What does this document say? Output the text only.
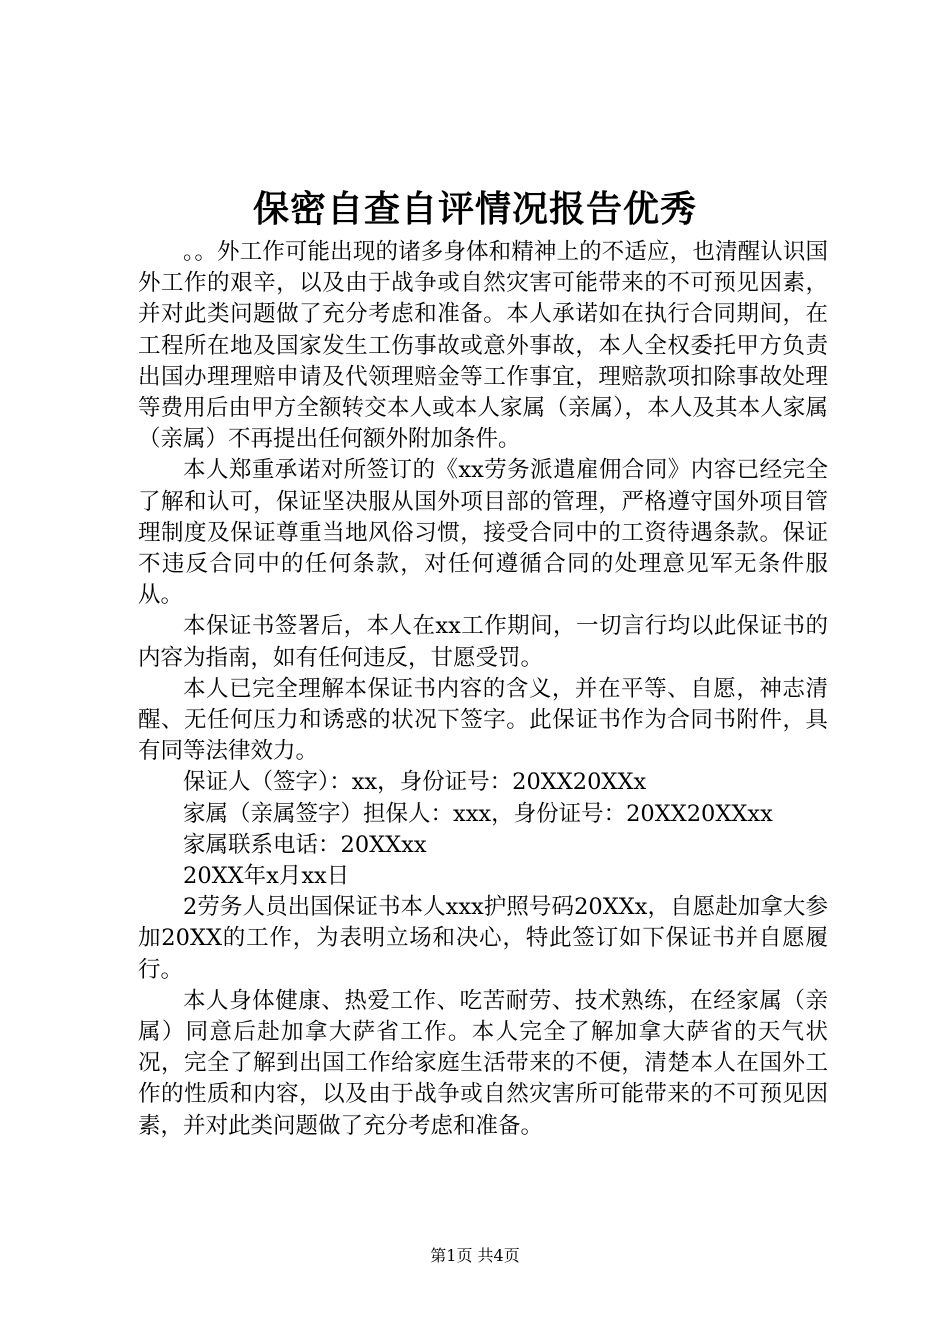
保密自查自评情况报告优秀

。。外工作可能出现的诸多身体和精神上的不适应，也清醒认识国外工作的艰辛，以及由于战争或自然灾害可能带来的不可预见因素，并对此类问题做了充分考虑和准备。本人承诺如在执行合同期间，在工程所在地及国家发生工伤事故或意外事故，本人全权委托甲方负责出国办理理赔申请及代领理赔金等工作事宜，理赔款项扣除事故处理等费用后由甲方全额转交本人或本人家属（亲属），本人及其本人家属（亲属）不再提出任何额外附加条件。

本人郑重承诺对所签订的《xx劳务派遣雇佣合同》内容已经完全了解和认可，保证坚决服从国外项目部的管理，严格遵守国外项目管理制度及保证尊重当地风俗习惯，接受合同中的工资待遇条款。保证不违反合同中的任何条款，对任何遵循合同的处理意见军无条件服从。

本保证书签署后，本人在xx工作期间，一切言行均以此保证书的内容为指南，如有任何违反，甘愿受罚。

本人已完全理解本保证书内容的含义，并在平等、自愿，神志清醒、无任何压力和诱惑的状况下签字。此保证书作为合同书附件，具有同等法律效力。

保证人（签字）：xx，身份证号：20XX20XXx

家属（亲属签字）担保人：xxx，身份证号：20XX20XXxx

家属联系电话：20XXxx

20XX年x月xx日

2劳务人员出国保证书本人xxx护照号码20XXx，自愿赴加拿大参加20XX的工作，为表明立场和决心，特此签订如下保证书并自愿履行。

本人身体健康、热爱工作、吃苦耐劳、技术熟练，在经家属（亲属）同意后赴加拿大萨省工作。本人完全了解加拿大萨省的天气状况，完全了解到出国工作给家庭生活带来的不便，清楚本人在国外工作的性质和内容，以及由于战争或自然灾害所可能带来的不可预见因素，并对此类问题做了充分考虑和准备。

第1页 共4页
